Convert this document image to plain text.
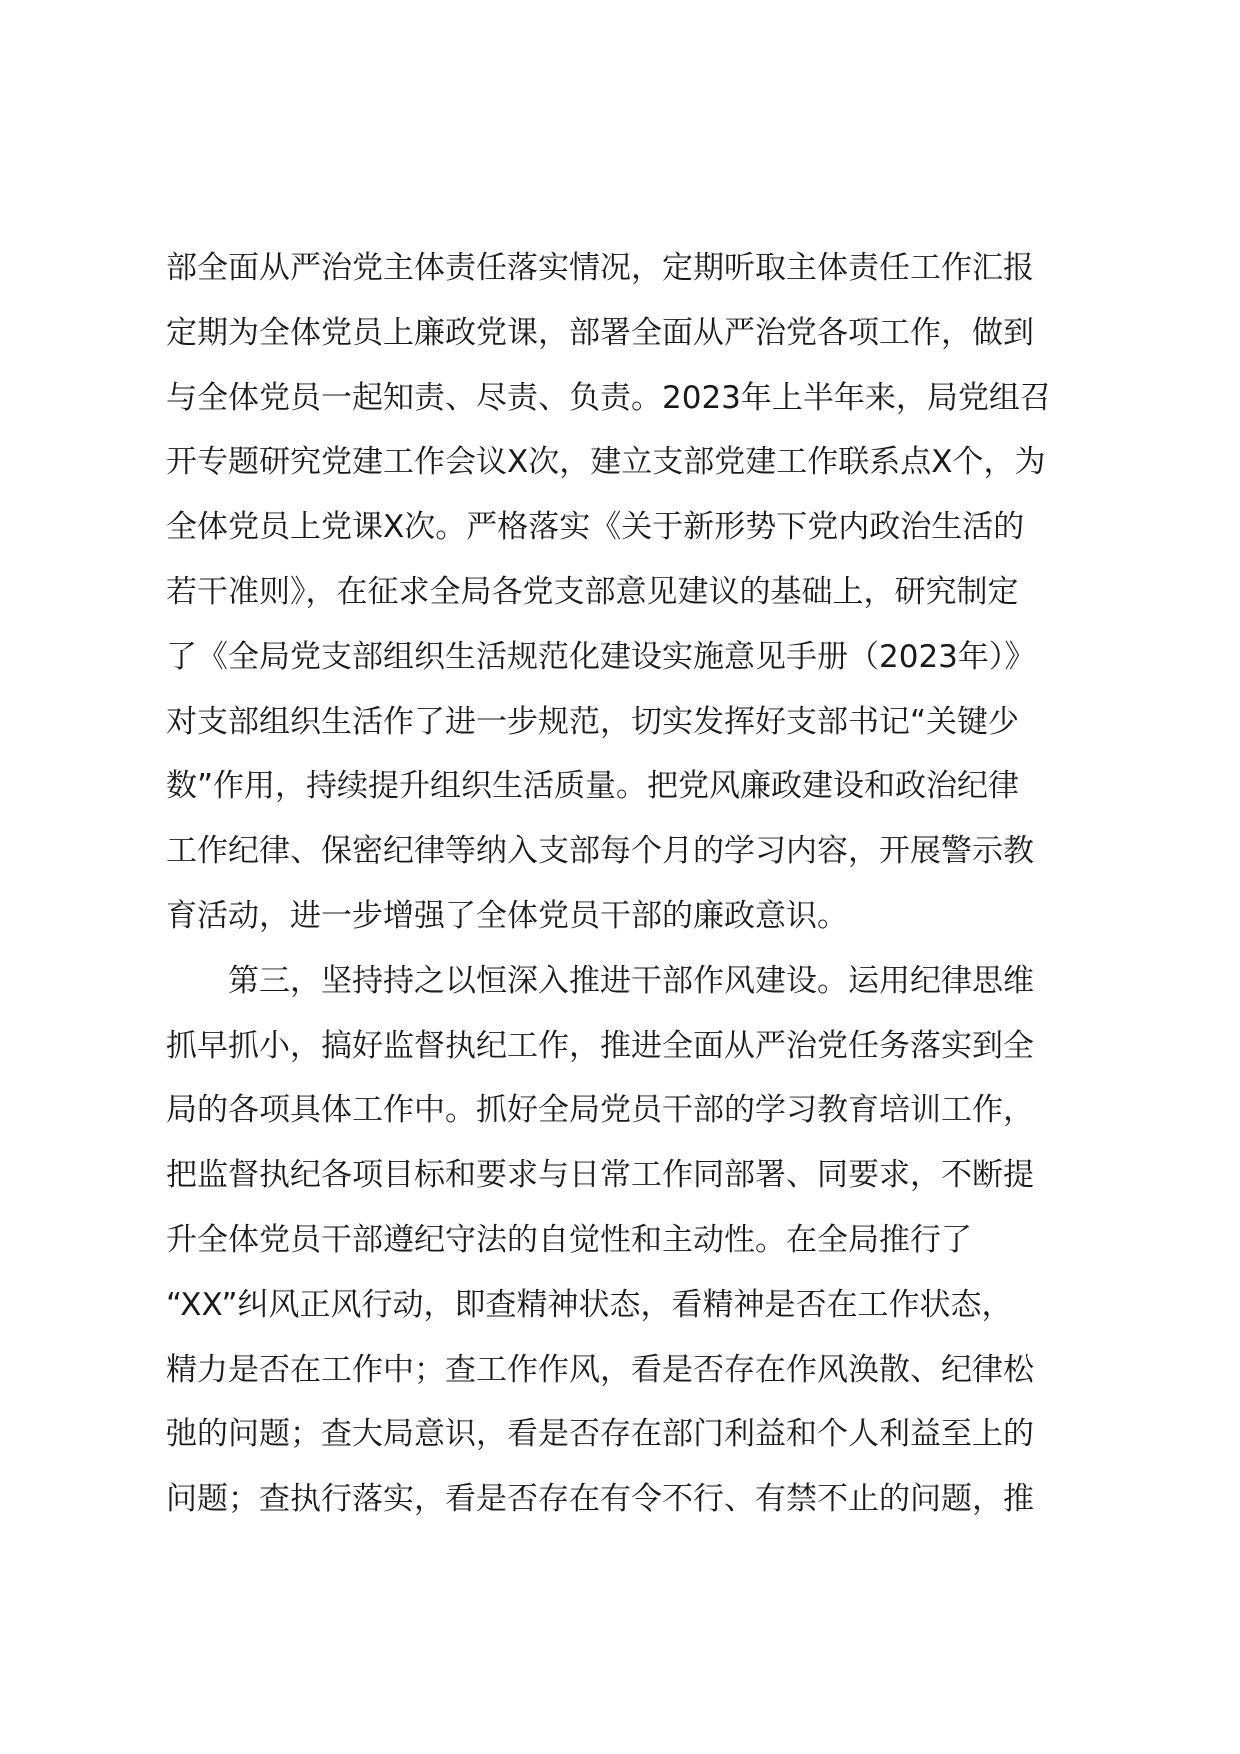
部全面从严治党主体责任落实情况，定期听取主体责任工作汇报
定期为全体党员上廉政党课，部署全面从严治党各项工作，做到
与全体党员一起知责、尽责、负责。2023年上半年来，局党组召
开专题研究党建工作会议X次，建立支部党建工作联系点X个，为
全体党员上党课X次。严格落实《关于新形势下党内政治生活的
若干准则》，在征求全局各党支部意见建议的基础上，研究制定
了《全局党支部组织生活规范化建设实施意见手册（2023年）》
对支部组织生活作了进一步规范，切实发挥好支部书记“关键少
数”作用，持续提升组织生活质量。把党风廉政建设和政治纪律
工作纪律、保密纪律等纳入支部每个月的学习内容，开展警示教
育活动，进一步增强了全体党员干部的廉政意识。
第三，坚持持之以恒深入推进干部作风建设。运用纪律思维
抓早抓小，搞好监督执纪工作，推进全面从严治党任务落实到全
局的各项具体工作中。抓好全局党员干部的学习教育培训工作，
把监督执纪各项目标和要求与日常工作同部署、同要求，不断提
升全体党员干部遵纪守法的自觉性和主动性。在全局推行了
“XX”纠风正风行动，即查精神状态，看精神是否在工作状态，
精力是否在工作中；查工作作风，看是否存在作风涣散、纪律松
弛的问题；查大局意识，看是否存在部门利益和个人利益至上的
问题；查执行落实，看是否存在有令不行、有禁不止的问题，推
